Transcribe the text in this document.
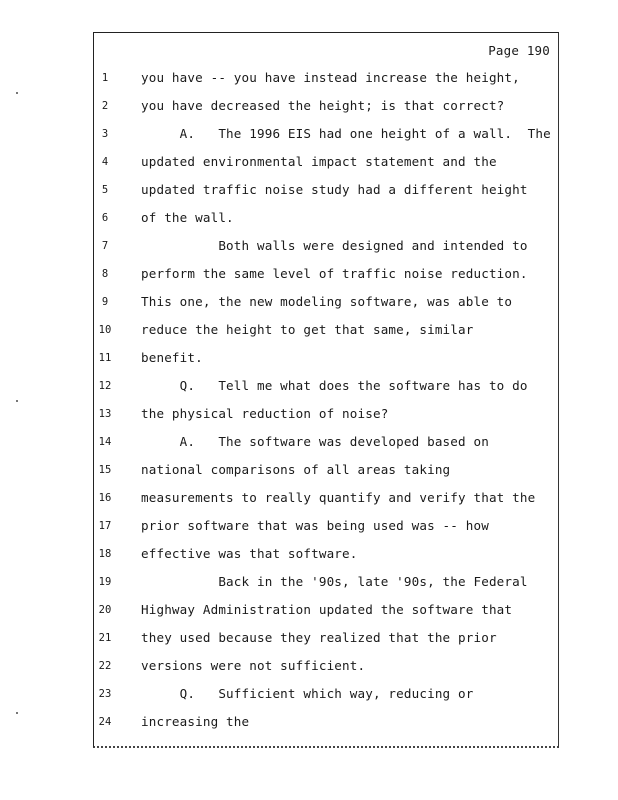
Page 190
1	you have -- you have instead increase the height,
2	you have decreased the height; is that correct?
3	A.   The 1996 EIS had one height of a wall.  The
4	updated environmental impact statement and the
5	updated traffic noise study had a different height
6	of the wall.
7	Both walls were designed and intended to
8	perform the same level of traffic noise reduction.
9	This one, the new modeling software, was able to
10	reduce the height to get that same, similar
11	benefit.
12	Q.   Tell me what does the software has to do
13	the physical reduction of noise?
14	A.   The software was developed based on
15	national comparisons of all areas taking
16	measurements to really quantify and verify that the
17	prior software that was being used was -- how
18	effective was that software.
19	Back in the '90s, late '90s, the Federal
20	Highway Administration updated the software that
21	they used because they realized that the prior
22	versions were not sufficient.
23	Q.   Sufficient which way, reducing or
24	increasing the
